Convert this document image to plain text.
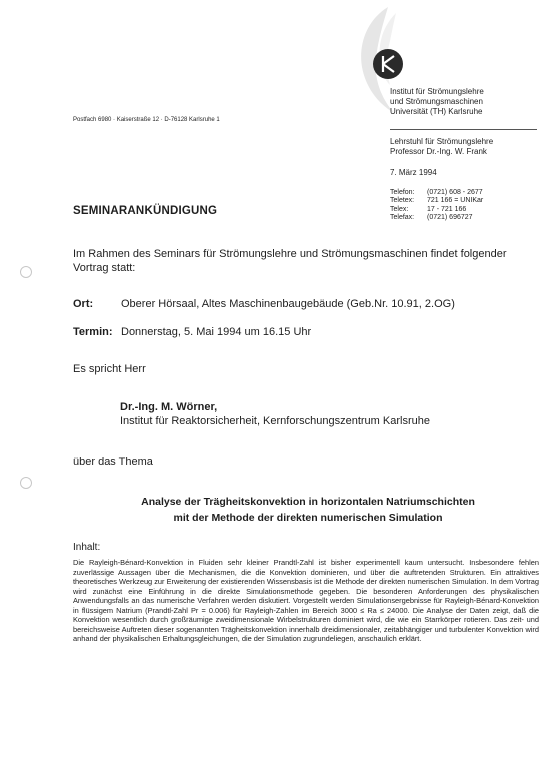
Institut für Strömungslehre
und Strömungsmaschinen
Universität (TH) Karlsruhe
Postfach 6980 · Kaiserstraße 12 · D-76128 Karlsruhe 1
Lehrstuhl für Strömungslehre
Professor Dr.-Ing. W. Frank
7. März 1994
Telefon:	(0721) 608 - 2677
Teletex:	721 166 = UNIKar
Telex:	17 - 721 166
Telefax:	(0721) 696727
SEMINARANKÜNDIGUNG
Im Rahmen des Seminars für Strömungslehre und Strömungsmaschinen findet folgender Vortrag statt:
Ort:	Oberer Hörsaal, Altes Maschinenbaugebäude (Geb.Nr. 10.91, 2.OG)
Termin: Donnerstag, 5. Mai 1994 um 16.15 Uhr
Es spricht Herr
Dr.-Ing. M. Wörner,
Institut für Reaktorsicherheit, Kernforschungszentrum Karlsruhe
über das Thema
Analyse der Trägheitskonvektion in horizontalen Natriumschichten
mit der Methode der direkten numerischen Simulation
Inhalt:
Die Rayleigh-Bénard-Konvektion in Fluiden sehr kleiner Prandtl-Zahl ist bisher experimentell kaum untersucht. Insbesondere fehlen zuverlässige Aussagen über die Mechanismen, die die Konvektion dominieren, und über die auftretenden Strukturen. Ein attraktives theoretisches Werkzeug zur Erweiterung der existierenden Wissensbasis ist die Methode der direkten numerischen Simulation. In dem Vortrag wird zunächst eine Einführung in die direkte Simulationsmethode gegeben. Die besonderen Anforderungen des physikalischen Anwendungsfalls an das numerische Verfahren werden diskutiert. Vorgestellt werden Simulationsergebnisse für Rayleigh-Bénard-Konvektion in flüssigem Natrium (Prandtl-Zahl Pr = 0.006) für Rayleigh-Zahlen im Bereich 3000 ≤ Ra ≤ 24000. Die Analyse der Daten zeigt, daß die Konvektion wesentlich durch großräumige zweidimensionale Wirbelstrukturen dominiert wird, die wie ein Starrkörper rotieren. Das zeit- und bereichsweise Auftreten dieser sogenannten Trägheitskonvektion innerhalb dreidimensionaler, zeitabhängiger und turbulenter Konvektion wird anhand der physikalischen Erhaltungsgleichungen, die der Simulation zugrundeliegen, anschaulich erklärt.
